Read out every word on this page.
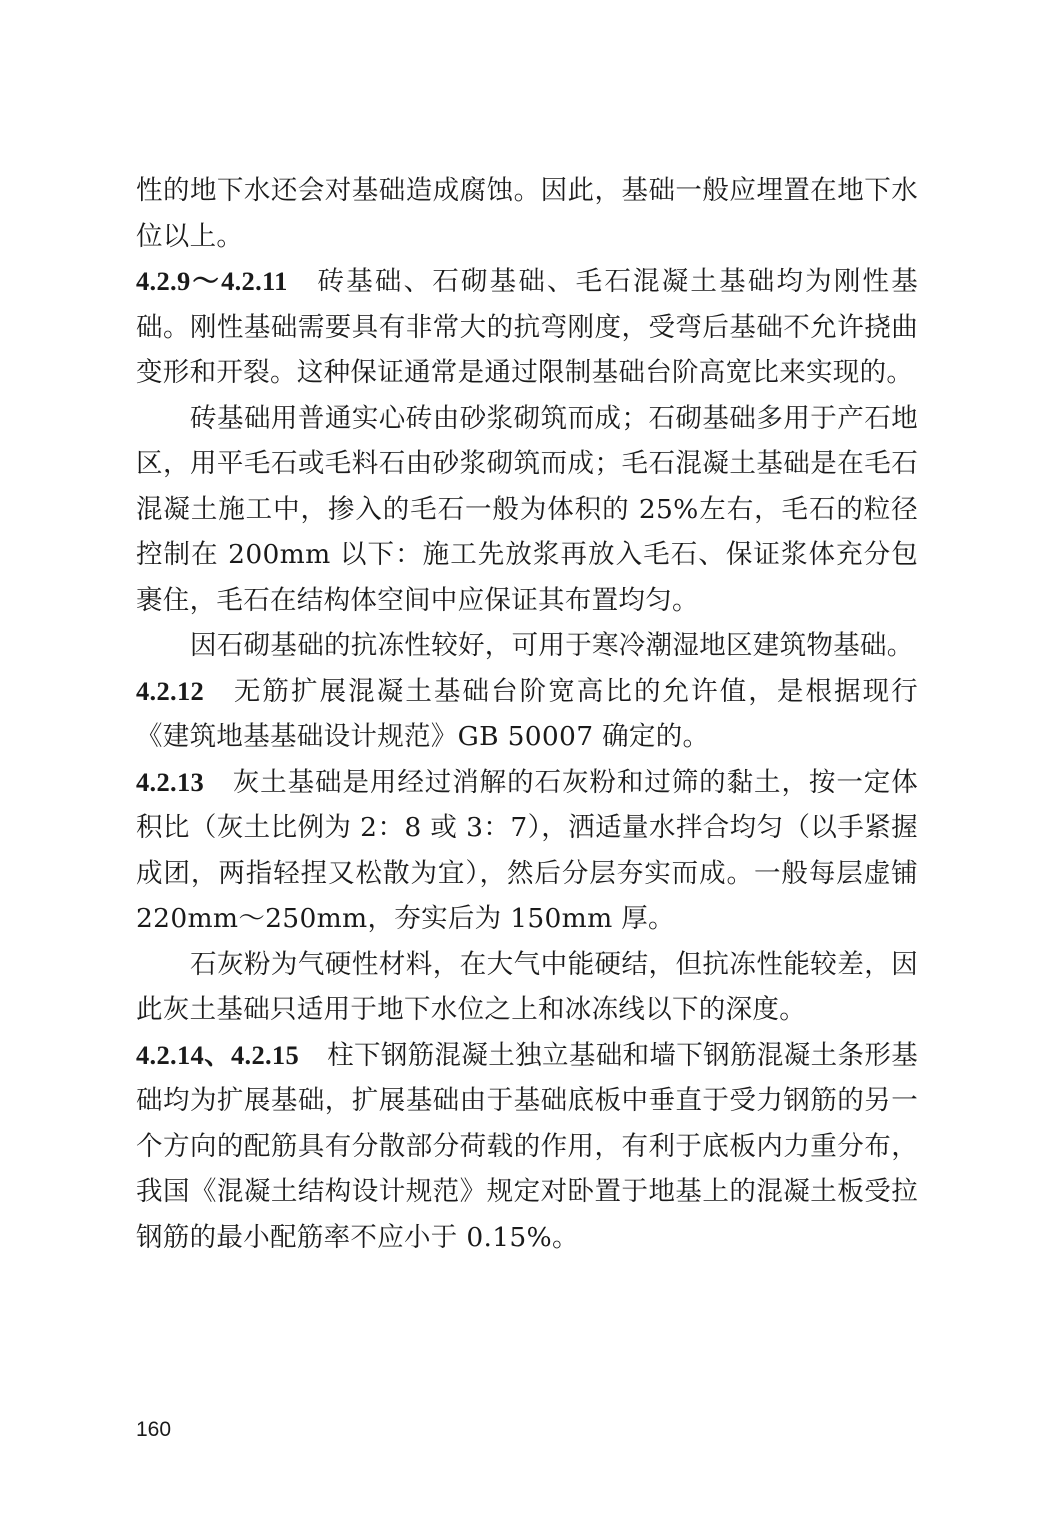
性的地下水还会对基础造成腐蚀。因此，基础一般应埋置在地下水位以上。

4.2.9～4.2.11 砖基础、石砌基础、毛石混凝土基础均为刚性基础。刚性基础需要具有非常大的抗弯刚度，受弯后基础不允许挠曲变形和开裂。这种保证通常是通过限制基础台阶高宽比来实现的。

砖基础用普通实心砖由砂浆砌筑而成；石砌基础多用于产石地区，用平毛石或毛料石由砂浆砌筑而成；毛石混凝土基础是在毛石混凝土施工中，掺入的毛石一般为体积的 25%左右，毛石的粒径控制在 200mm 以下：施工先放浆再放入毛石、保证浆体充分包裹住，毛石在结构体空间中应保证其布置均匀。

因石砌基础的抗冻性较好，可用于寒冷潮湿地区建筑物基础。

4.2.12 无筋扩展混凝土基础台阶宽高比的允许值，是根据现行《建筑地基基础设计规范》GB 50007 确定的。

4.2.13 灰土基础是用经过消解的石灰粉和过筛的黏土，按一定体积比（灰土比例为 2：8 或 3：7），洒适量水拌合均匀（以手紧握成团，两指轻捏又松散为宜），然后分层夯实而成。一般每层虚铺 220mm～250mm，夯实后为 150mm 厚。

石灰粉为气硬性材料，在大气中能硬结，但抗冻性能较差，因此灰土基础只适用于地下水位之上和冰冻线以下的深度。

4.2.14、4.2.15 柱下钢筋混凝土独立基础和墙下钢筋混凝土条形基础均为扩展基础，扩展基础由于基础底板中垂直于受力钢筋的另一个方向的配筋具有分散部分荷载的作用，有利于底板内力重分布，我国《混凝土结构设计规范》规定对卧置于地基上的混凝土板受拉钢筋的最小配筋率不应小于 0.15%。

160
